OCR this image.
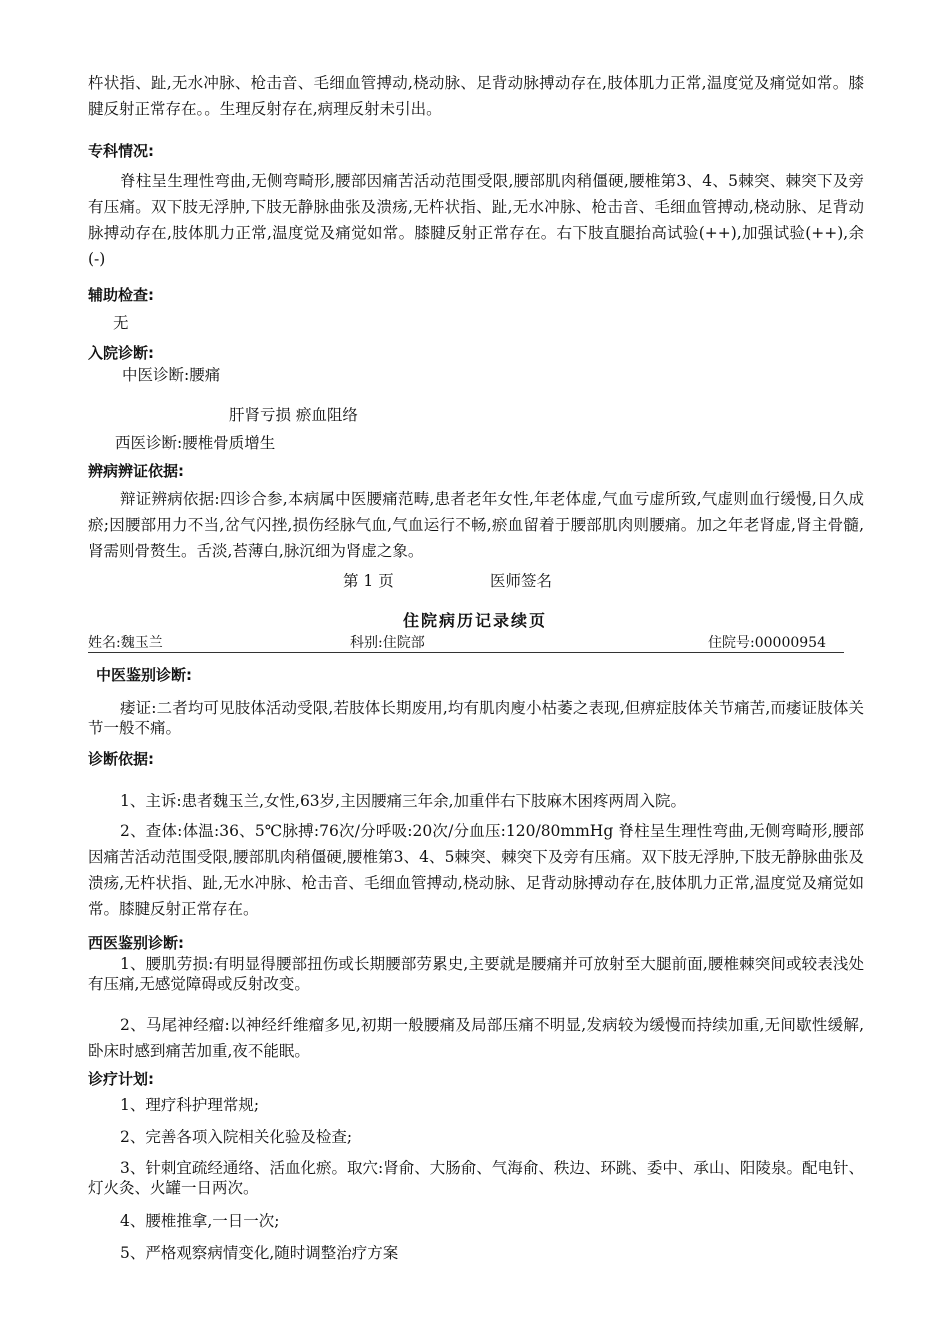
杵状指、趾,无水冲脉、枪击音、毛细血管搏动,桡动脉、足背动脉搏动存在,肢体肌力正常,温度觉及痛觉如常。膝腱反射正常存在。。生理反射存在,病理反射未引出。

专科情况:

脊柱呈生理性弯曲,无侧弯畸形,腰部因痛苦活动范围受限,腰部肌肉稍僵硬,腰椎第3、4、5棘突、棘突下及旁有压痛。双下肢无浮肿,下肢无静脉曲张及溃疡,无杵状指、趾,无水冲脉、枪击音、毛细血管搏动,桡动脉、足背动脉搏动存在,肢体肌力正常,温度觉及痛觉如常。膝腱反射正常存在。右下肢直腿抬高试验(++),加强试验(++),余(-)

辅助检查:

无

入院诊断:

中医诊断:腰痛

肝肾亏损 瘀血阻络

西医诊断:腰椎骨质增生

辨病辨证依据:

辩证辨病依据:四诊合参,本病属中医腰痛范畴,患者老年女性,年老体虚,气血亏虚所致,气虚则血行缓慢,日久成瘀;因腰部用力不当,岔气闪挫,损伤经脉气血,气血运行不畅,瘀血留着于腰部肌肉则腰痛。加之年老肾虚,肾主骨髓,肾需则骨赘生。舌淡,苔薄白,脉沉细为肾虚之象。

第 1 页	医师签名

住院病历记录续页
姓名:魏玉兰	科别:住院部	住院号:00000954

中医鉴别诊断:

痿证:二者均可见肢体活动受限,若肢体长期废用,均有肌肉廋小枯萎之表现,但痹症肢体关节痛苦,而痿证肢体关节一般不痛。

诊断依据:

1、主诉:患者魏玉兰,女性,63岁,主因腰痛三年余,加重伴右下肢麻木困疼两周入院。

2、查体:体温:36、5℃脉搏:76次/分呼吸:20次/分血压:120/80mmHg 脊柱呈生理性弯曲,无侧弯畸形,腰部因痛苦活动范围受限,腰部肌肉稍僵硬,腰椎第3、4、5棘突、棘突下及旁有压痛。双下肢无浮肿,下肢无静脉曲张及溃疡,无杵状指、趾,无水冲脉、枪击音、毛细血管搏动,桡动脉、足背动脉搏动存在,肢体肌力正常,温度觉及痛觉如常。膝腱反射正常存在。

西医鉴别诊断:

1、腰肌劳损:有明显得腰部扭伤或长期腰部劳累史,主要就是腰痛并可放射至大腿前面,腰椎棘突间或较表浅处有压痛,无感觉障碍或反射改变。

2、马尾神经瘤:以神经纤维瘤多见,初期一般腰痛及局部压痛不明显,发病较为缓慢而持续加重,无间歇性缓解,卧床时感到痛苦加重,夜不能眠。

诊疗计划:

1、理疗科护理常规;

2、完善各项入院相关化验及检查;

3、针刺宜疏经通络、活血化瘀。取穴:肾俞、大肠俞、气海俞、秩边、环跳、委中、承山、阳陵泉。配电针、灯火灸、火罐一日两次。

4、腰椎推拿,一日一次;

5、严格观察病情变化,随时调整治疗方案
